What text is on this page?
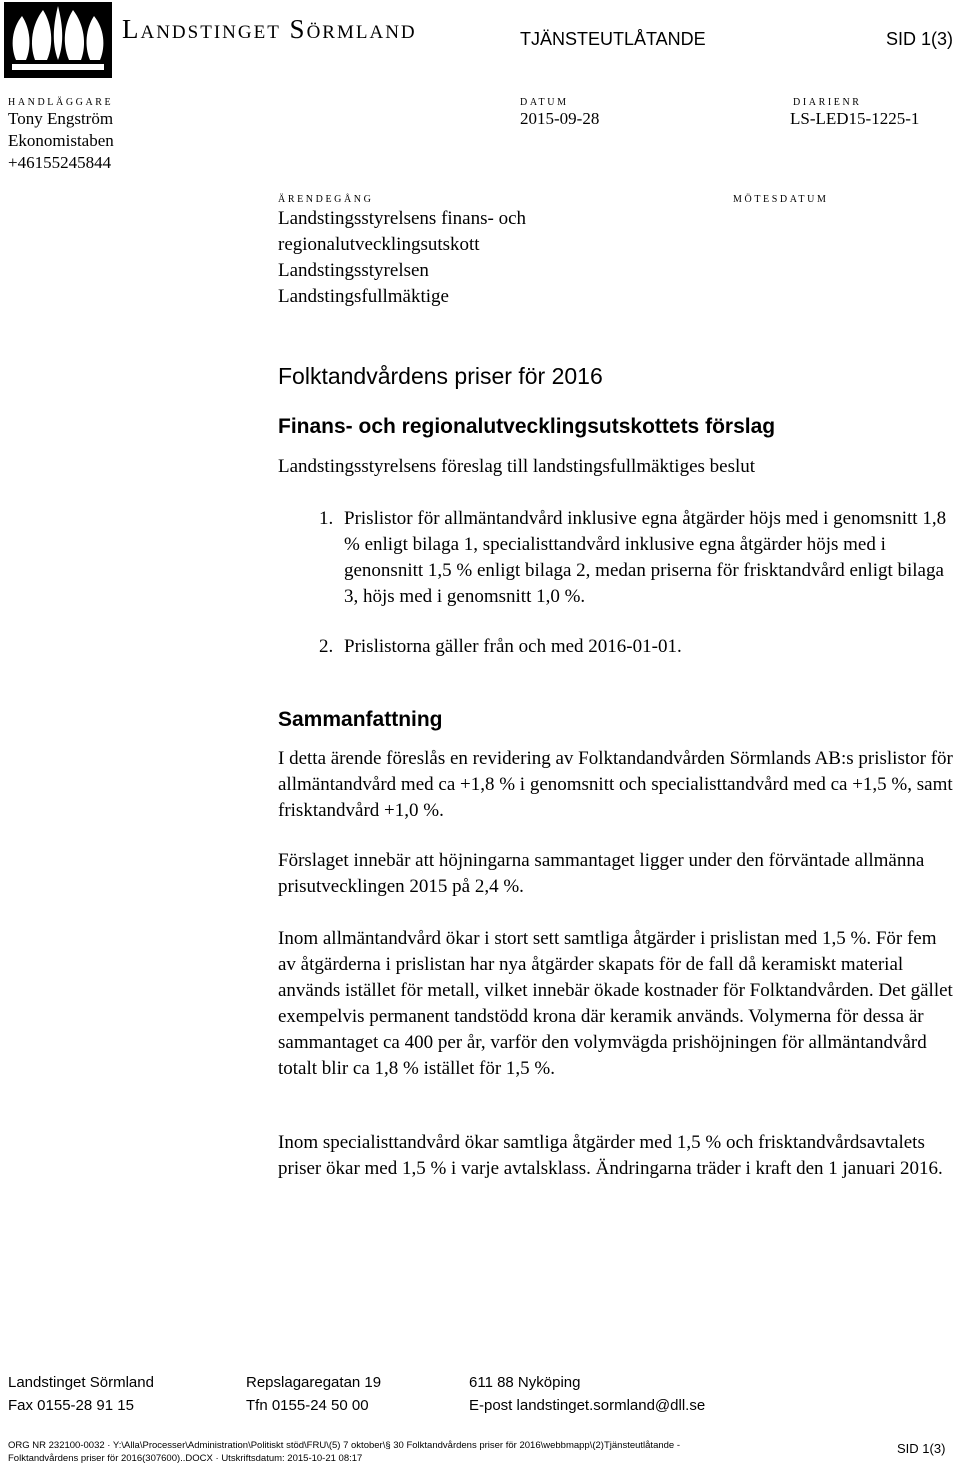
Landstinget Sörmland	TJÄNSTEUTLÅTANDE	SID 1(3)
HANDLÄGGARE
Tony Engström
Ekonomistaben
+46155245844
DATUM
2015-09-28
DIARIENR
LS-LED15-1225-1
ÄRENDEGÅNG
Landstingsstyrelsens finans- och
regionalutvecklingsutskott
Landstingsstyrelsen
Landstingsfullmäktige
MÖTESDATUM
Folktandvårdens priser för 2016
Finans- och regionalutvecklingsutskottets förslag
Landstingsstyrelsens föreslag till landstingsfullmäktiges beslut
1. Prislistor för allmäntandvård inklusive egna åtgärder höjs med i genomsnitt 1,8 % enligt bilaga 1, specialisttandvård inklusive egna åtgärder höjs med i genonsnitt 1,5 % enligt bilaga 2, medan priserna för frisktandvård enligt bilaga 3, höjs med i genomsnitt 1,0 %.
2. Prislistorna gäller från och med 2016-01-01.
Sammanfattning
I detta ärende föreslås en revidering av Folktandandvården Sörmlands AB:s prislistor för allmäntandvård med ca +1,8 % i genomsnitt och specialisttandvård med ca +1,5 %, samt frisktandvård +1,0 %.
Förslaget innebär att höjningarna sammantaget ligger under den förväntade allmänna prisutvecklingen 2015 på 2,4 %.
Inom allmäntandvård ökar i stort sett samtliga åtgärder i prislistan med 1,5 %. För fem av åtgärderna i prislistan har nya åtgärder skapats för de fall då keramiskt material används istället för metall, vilket innebär ökade kostnader för Folktandvården. Det gället exempelvis permanent tandstödd krona där keramik används. Volymerna för dessa är sammantaget ca 400 per år, varför den volymvägda prishöjningen för allmäntandvård totalt blir ca 1,8 % istället för 1,5 %.
Inom specialisttandvård ökar samtliga åtgärder med 1,5 % och frisktandvårdsavtalets priser ökar med 1,5 % i varje avtalsklass. Ändringarna träder i kraft den 1 januari 2016.
Landstinget Sörmland	Repslagaregatan 19	611 88 Nyköping
Fax 0155-28 91 15	Tfn 0155-24 50 00	E-post landstinget.sormland@dll.se
ORG NR 232100-0032 · Y:\Alla\Processer\Administration\Politiskt stöd\FRU\(5) 7 oktober\§ 30 Folktandvårdens priser för 2016\webbmapp\(2)Tjänsteutlåtande -
Folktandvårdens priser för 2016(307600)..DOCX · Utskriftsdatum: 2015-10-21 08:17
SID 1(3)
